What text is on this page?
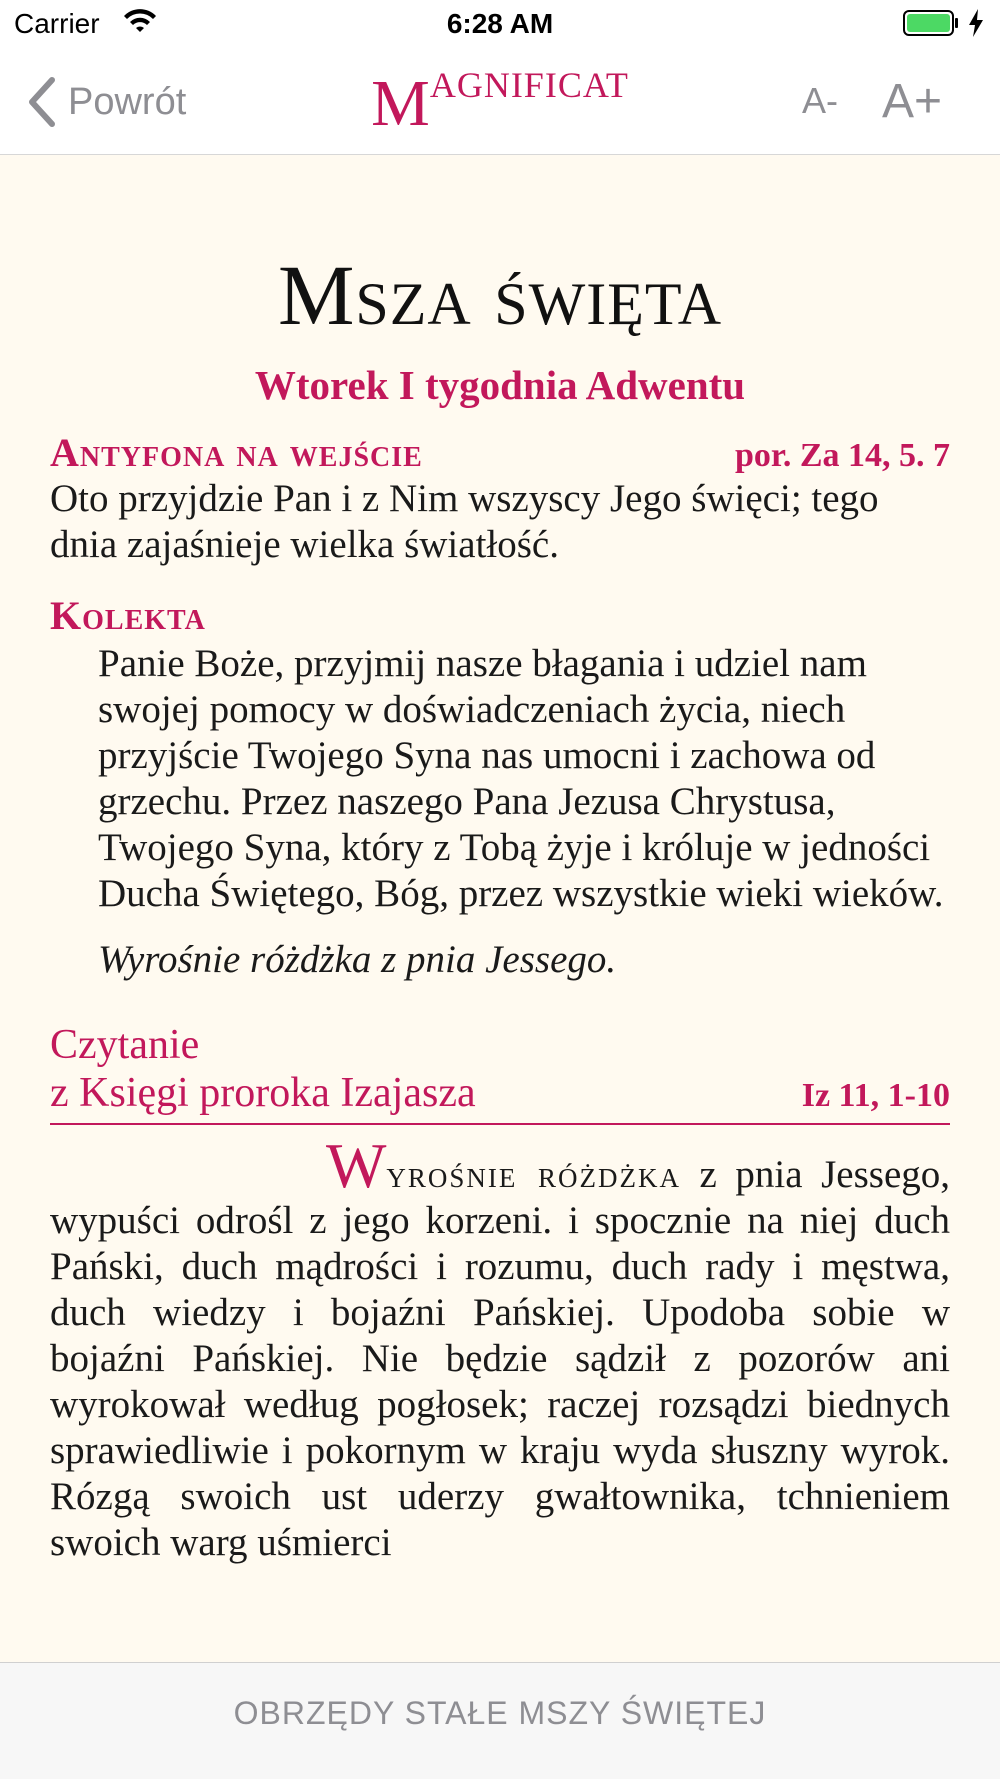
Carrier	6:28 AM
Powrót	MAGNIFICAT	A- A+
Msza święta
Wtorek I tygodnia Adwentu
Antyfona na wejście	por. Za 14, 5. 7
Oto przyjdzie Pan i z Nim wszyscy Jego święci; tego dnia zajaśnieje wielka światłość.
Kolekta
Panie Boże, przyjmij nasze błagania i udziel nam swojej pomocy w doświadczeniach życia, niech przyjście Twojego Syna nas umocni i zachowa od grzechu. Przez naszego Pana Jezusa Chrystusa, Twojego Syna, który z Tobą żyje i króluje w jedności Ducha Świętego, Bóg, przez wszystkie wieki wieków.
Wyrośnie różdżka z pnia Jessego.
Czytanie
z Księgi proroka Izajasza	Iz 11, 1-10
Wyrośnie różdżka z pnia Jessego, wypuści odrośl z jego korzeni. i spocznie na niej duch Pański, duch mądrości i rozumu, duch rady i męstwa, duch wiedzy i bojaźni Pańskiej. Upodoba sobie w bojaźni Pańskiej. Nie będzie sądził z pozorów ani wyrokował według pogłosek; raczej rozsądzi biednych sprawiedliwie i pokornym w kraju wyda słuszny wyrok. Rózgą swoich ust uderzy gwałtownika, tchnieniem swoich warg uśmierci
OBRZĘDY STAŁE MSZY ŚWIĘTEJ
